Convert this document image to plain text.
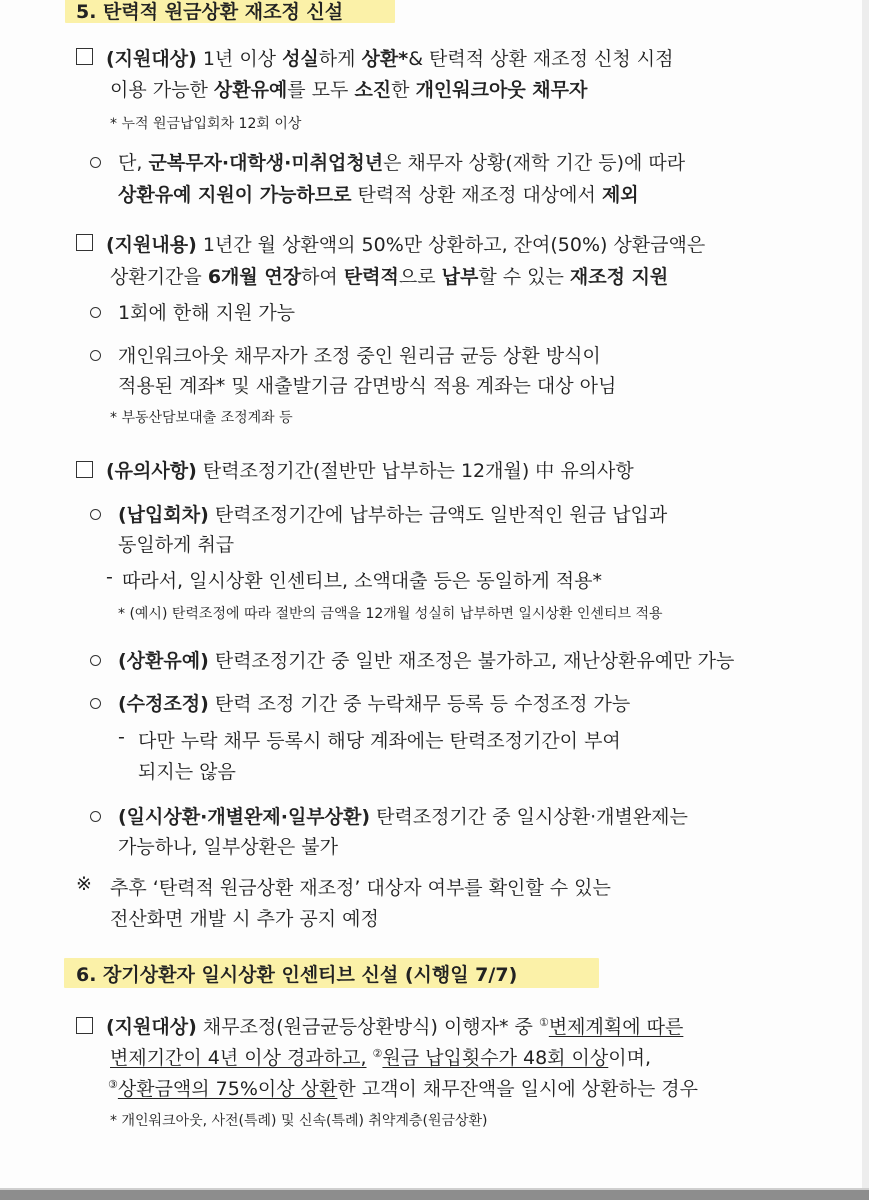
5. 탄력적 원금상환 재조정 신설
(지원대상) 1년 이상 성실하게 상환*& 탄력적 상환 재조정 신청 시점
이용 가능한 상환유예를 모두 소진한 개인워크아웃 채무자
* 누적 원금납입회차 12회 이상
단, 군복무자·대학생·미취업청년은 채무자 상황(재학 기간 등)에 따라
상환유예 지원이 가능하므로 탄력적 상환 재조정 대상에서 제외
(지원내용) 1년간 월 상환액의 50%만 상환하고, 잔여(50%) 상환금액은
상환기간을 6개월 연장하여 탄력적으로 납부할 수 있는 재조정 지원
1회에 한해 지원 가능
개인워크아웃 채무자가 조정 중인 원리금 균등 상환 방식이
적용된 계좌* 및 새출발기금 감면방식 적용 계좌는 대상 아님
* 부동산담보대출 조정계좌 등
(유의사항) 탄력조정기간(절반만 납부하는 12개월) 中 유의사항
(납입회차) 탄력조정기간에 납부하는 금액도 일반적인 원금 납입과
동일하게 취급
- 따라서, 일시상환 인센티브, 소액대출 등은 동일하게 적용*
* (예시) 탄력조정에 따라 절반의 금액을 12개월 성실히 납부하면 일시상환 인센티브 적용
(상환유예) 탄력조정기간 중 일반 재조정은 불가하고, 재난상환유예만 가능
(수정조정) 탄력 조정 기간 중 누락채무 등록 등 수정조정 가능
- 다만 누락 채무 등록시 해당 계좌에는 탄력조정기간이 부여
되지는 않음
(일시상환·개별완제·일부상환) 탄력조정기간 중 일시상환·개별완제는
가능하나, 일부상환은 불가
※ 추후 ‘탄력적 원금상환 재조정’ 대상자 여부를 확인할 수 있는
전산화면 개발 시 추가 공지 예정
6. 장기상환자 일시상환 인센티브 신설 (시행일 7/7)
(지원대상) 채무조정(원금균등상환방식) 이행자* 중 ①변제계획에 따른
변제기간이 4년 이상 경과하고, ②원금 납입횟수가 48회 이상이며,
③상환금액의 75%이상 상환한 고객이 채무잔액을 일시에 상환하는 경우
* 개인워크아웃, 사전(특례) 및 신속(특례) 취약계층(원금상환)
